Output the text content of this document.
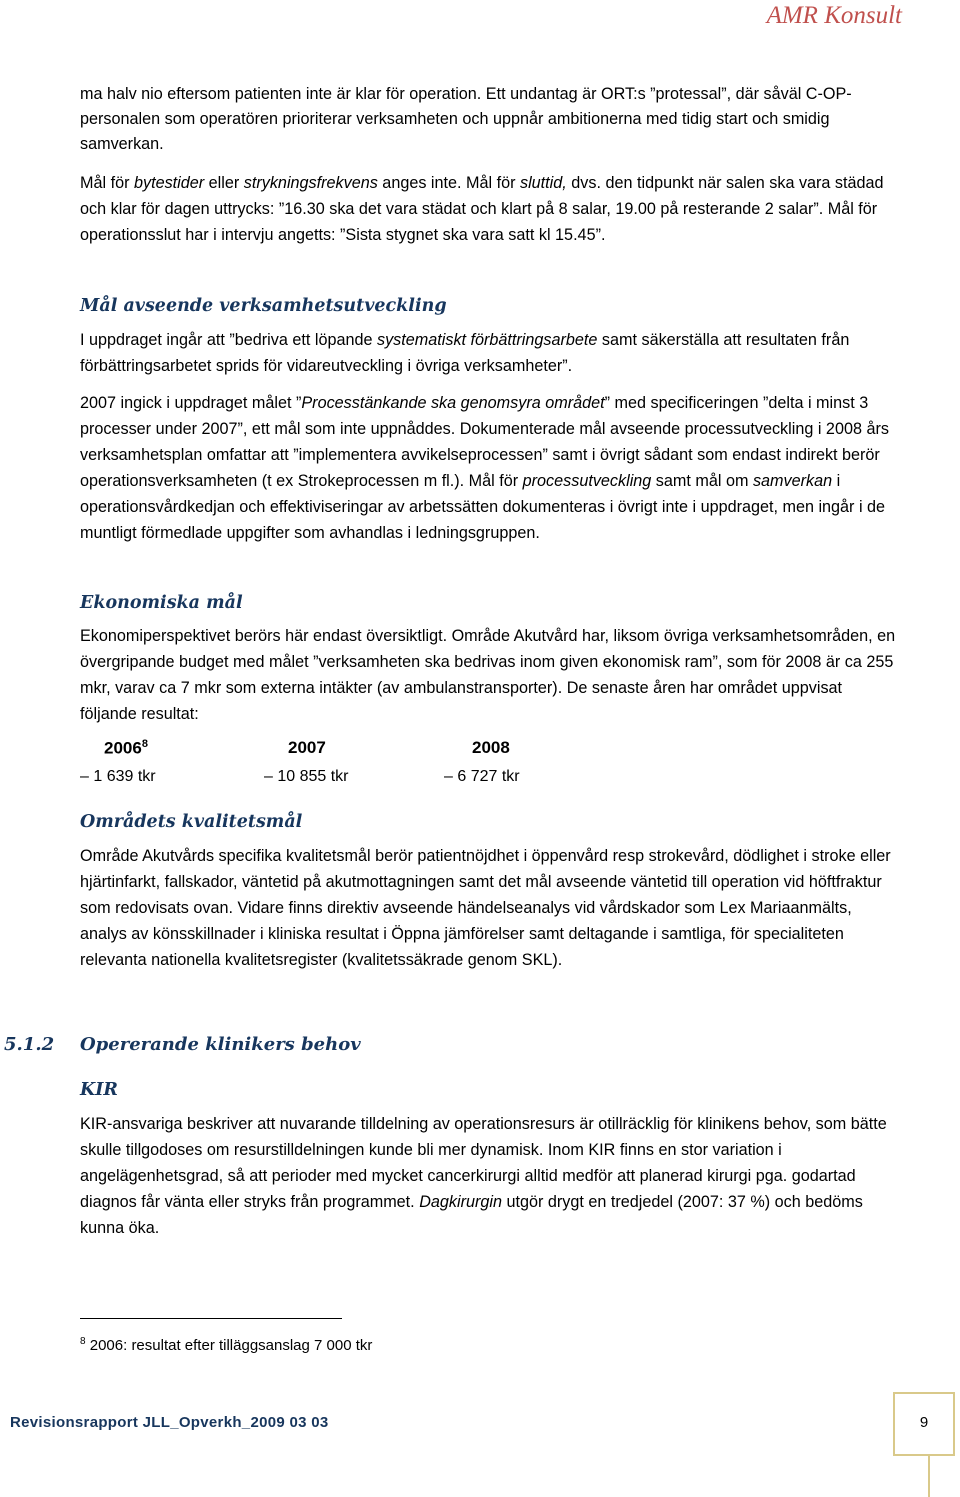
AMR Konsult

ma halv nio eftersom patienten inte är klar för operation. Ett undantag är ORT:s ”protessal”, där såväl C-OP-personalen som operatören prioriterar verksamheten och uppnår ambitionerna med tidig start och smidig samverkan.

Mål för bytestider eller strykningsfrekvens anges inte. Mål för sluttid, dvs. den tidpunkt när salen ska vara städad och klar för dagen uttrycks: ”16.30 ska det vara städat och klart på 8 salar, 19.00 på resterande 2 salar”. Mål för operationsslut har i intervju angetts: ”Sista stygnet ska vara satt kl 15.45”.

Mål avseende verksamhetsutveckling

I uppdraget ingår att ”bedriva ett löpande systematiskt förbättringsarbete samt säkerställa att resultaten från förbättringsarbetet sprids för vidareutveckling i övriga verksamheter”.

2007 ingick i uppdraget målet ”Processtänkande ska genomsyra området” med specificeringen ”delta i minst 3 processer under 2007”, ett mål som inte uppnåddes. Dokumenterade mål avseende processutveckling i 2008 års verksamhetsplan omfattar att ”implementera avvikelseprocessen” samt i övrigt sådant som endast indirekt berör operationsverksamheten (t ex Strokeprocessen m fl.). Mål för processutveckling samt mål om samverkan i operationsvårdkedjan och effektiviseringar av arbetssätten dokumenteras i övrigt inte i uppdraget, men ingår i de muntligt förmedlade uppgifter som avhandlas i ledningsgruppen.

Ekonomiska mål

Ekonomiperspektivet berörs här endast översiktligt. Område Akutvård har, liksom övriga verksamhetsområden, en övergripande budget med målet ”verksamheten ska bedrivas inom given ekonomisk ram”, som för 2008 är ca 255 mkr, varav ca 7 mkr som externa intäkter (av ambulanstransporter). De senaste åren har området uppvisat följande resultat:

2006$^8$	2007	2008
– 1 639 tkr	– 10 855 tkr	– 6 727 tkr
Områdets kvalitetsmål

Område Akutvårds specifika kvalitetsmål berör patientnöjdhet i öppenvård resp strokevård, dödlighet i stroke eller hjärtinfarkt, fallskador, väntetid på akutmottagningen samt det mål avseende väntetid till operation vid höftfraktur som redovisats ovan. Vidare finns direktiv avseende händelseanalys vid vårdskador som Lex Mariaanmälts, analys av könsskillnader i kliniska resultat i Öppna jämförelser samt deltagande i samtliga, för specialiteten relevanta nationella kvalitetsregister (kvalitetssäkrade genom SKL).

5.1.2 Opererande klinikers behov
KIR

KIR-ansvariga beskriver att nuvarande tilldelning av operationsresurs är otillräcklig för klinikens behov, som bätte skulle tillgodoses om resurstilldelningen kunde bli mer dynamisk. Inom KIR finns en stor variation i angelägenhetsgrad, så att perioder med mycket cancerkirurgi alltid medför att planerad kirurgi pga. godartad diagnos får vänta eller stryks från programmet. Dagkirurgin utgör drygt en tredjedel (2007: 37 %) och bedöms kunna öka.

$^8$ 2006: resultat efter tilläggsanslag 7 000 tkr
Revisionsrapport JLL_Opverkh_2009 03 03	9
